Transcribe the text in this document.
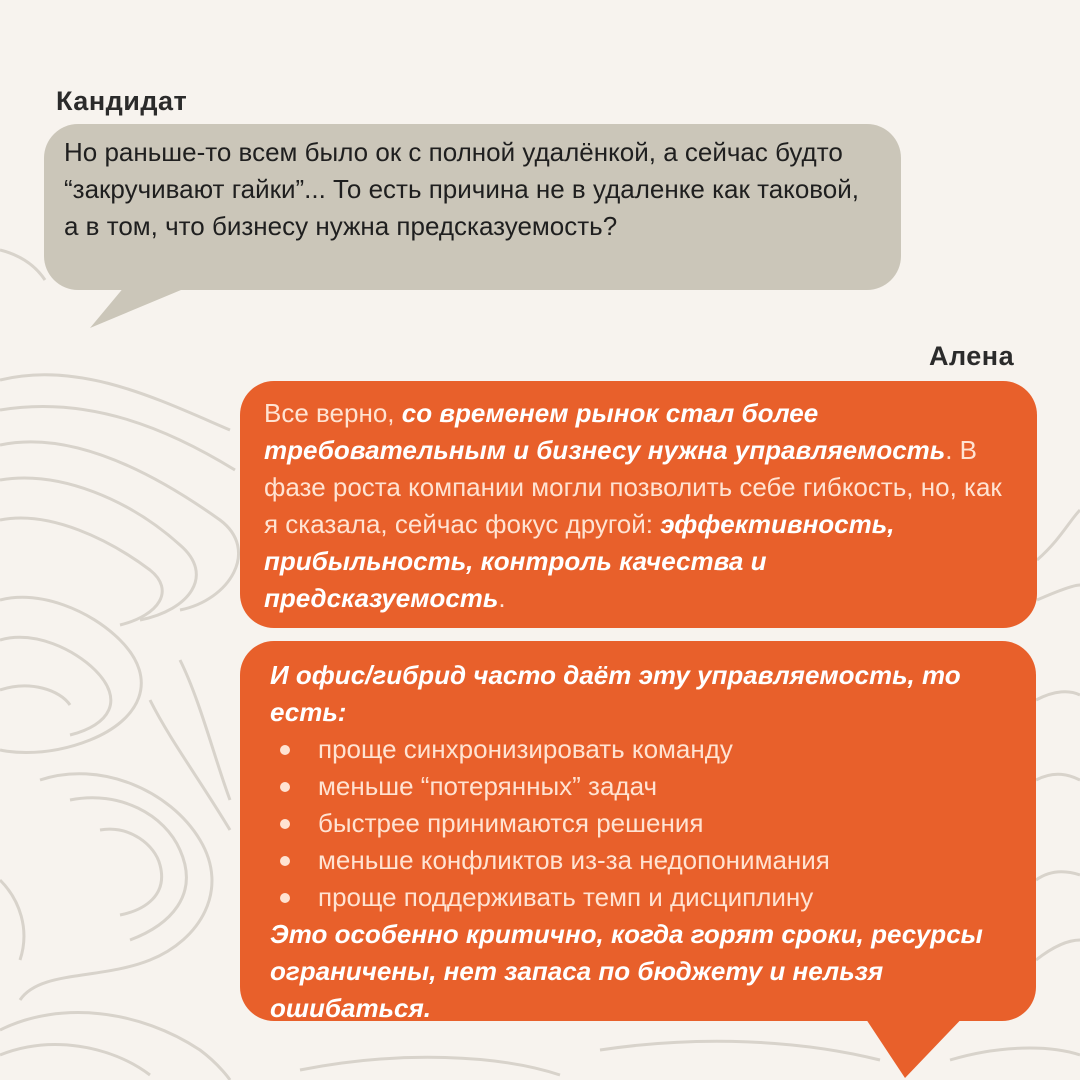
Кандидат
Но раньше-то всем было ок с полной удалёнкой, а сейчас будто “закручивают гайки”... То есть причина не в удаленке как таковой, а в том, что бизнесу нужна предсказуемость?
Алена
Все верно, со временем рынок стал более требовательным и бизнесу нужна управляемость. В фазе роста компании могли позволить себе гибкость, но, как я сказала, сейчас фокус другой: эффективность, прибыльность, контроль качества и предсказуемость.
И офис/гибрид часто даёт эту управляемость, то есть:
проще синхронизировать команду
меньше “потерянных” задач
быстрее принимаются решения
меньше конфликтов из-за недопонимания
проще поддерживать темп и дисциплину
Это особенно критично, когда горят сроки, ресурсы ограничены, нет запаса по бюджету и нельзя ошибаться.
